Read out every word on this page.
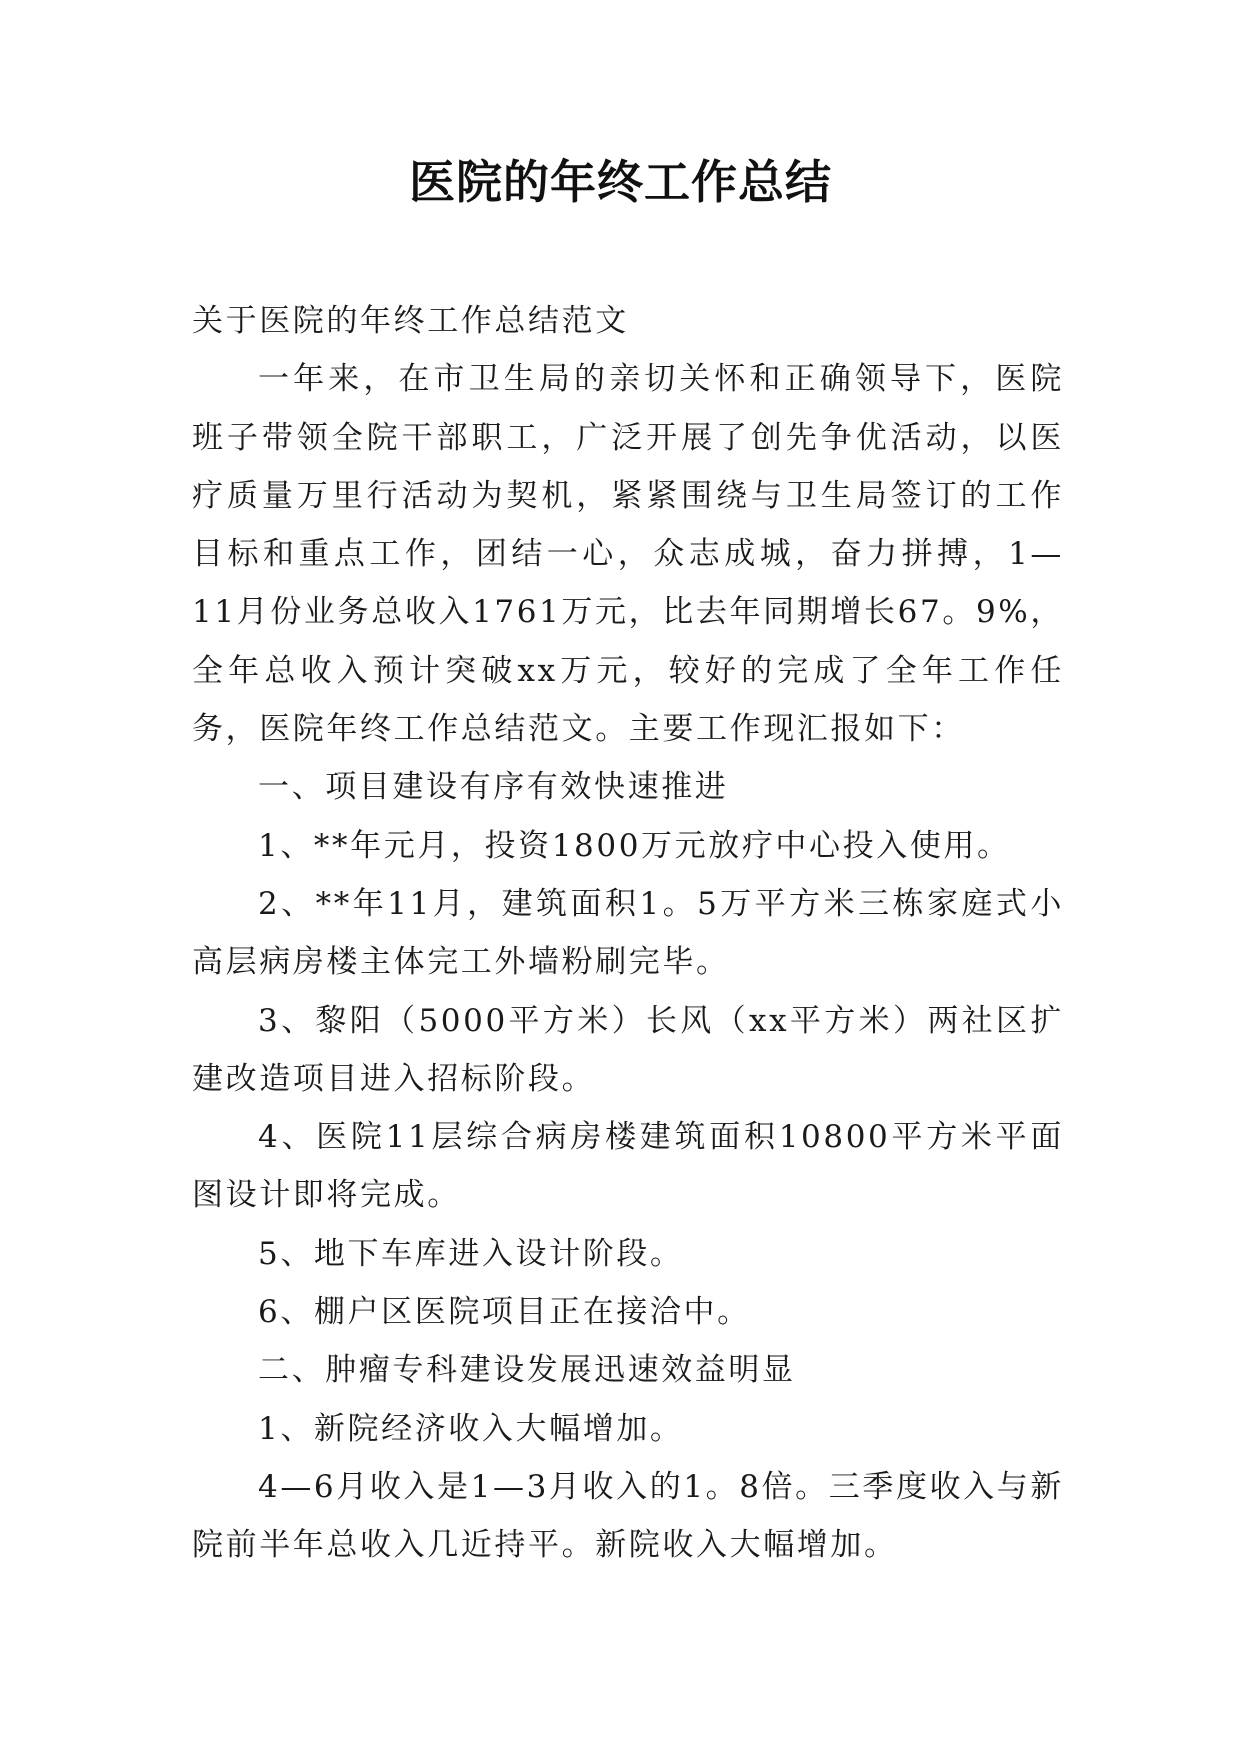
医院的年终工作总结

关于医院的年终工作总结范文

一年来，在市卫生局的亲切关怀和正确领导下，医院班子带领全院干部职工，广泛开展了创先争优活动，以医疗质量万里行活动为契机，紧紧围绕与卫生局签订的工作目标和重点工作，团结一心，众志成城，奋力拼搏，1—11月份业务总收入1761万元，比去年同期增长67。9%，全年总收入预计突破xx万元，较好的完成了全年工作任务，医院年终工作总结范文。主要工作现汇报如下：

一、项目建设有序有效快速推进

1、**年元月，投资1800万元放疗中心投入使用。

2、**年11月，建筑面积1。5万平方米三栋家庭式小高层病房楼主体完工外墙粉刷完毕。

3、黎阳（5000平方米）长风（xx平方米）两社区扩建改造项目进入招标阶段。

4、医院11层综合病房楼建筑面积10800平方米平面图设计即将完成。

5、地下车库进入设计阶段。

6、棚户区医院项目正在接洽中。

二、肿瘤专科建设发展迅速效益明显

1、新院经济收入大幅增加。

4—6月收入是1—3月收入的1。8倍。三季度收入与新院前半年总收入几近持平。新院收入大幅增加。
